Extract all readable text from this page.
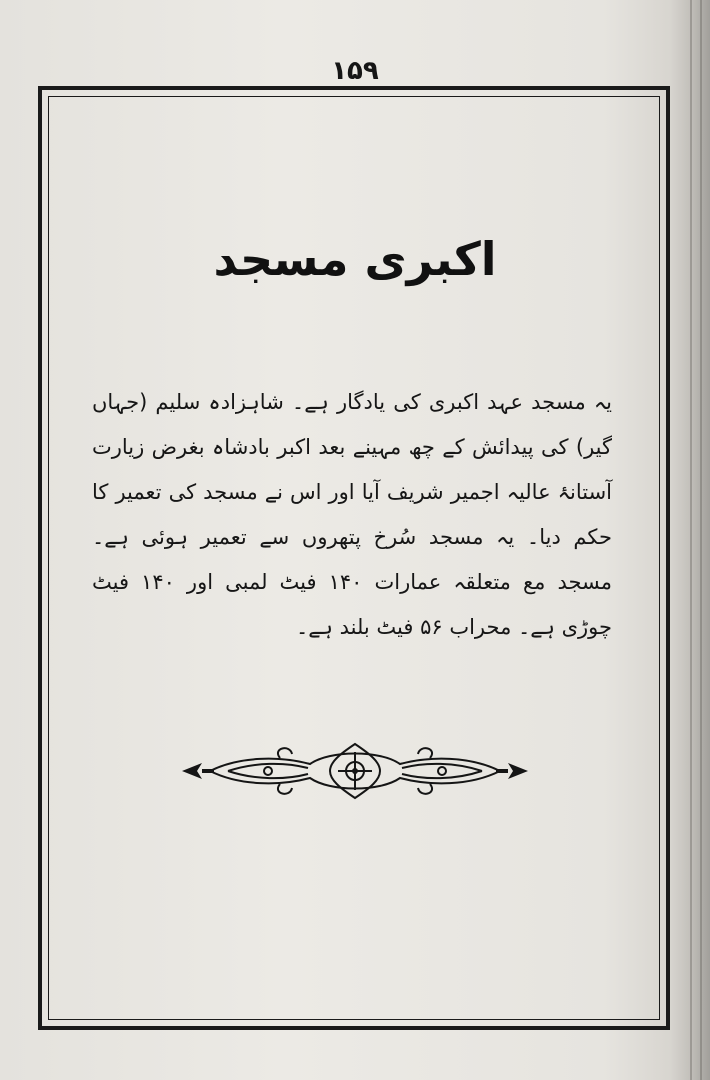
۱۵۹
اکبری مسجد
یہ مسجد عہد اکبری کی یادگار ہے۔ شاہزادہ سلیم (جہاں گیر) کی پیدائش کے چھ مہینے بعد اکبر بادشاہ بغرض زیارت آستانۂ عالیہ اجمیر شریف آیا اور اس نے مسجد کی تعمیر کا حکم دیا۔ یہ مسجد سُرخ پتھروں سے تعمیر ہوئی ہے۔ مسجد مع متعلقہ عمارات ۱۴۰ فیٹ لمبی اور ۱۴۰ فیٹ چوڑی ہے۔ محراب ۵۶ فیٹ بلند ہے۔
